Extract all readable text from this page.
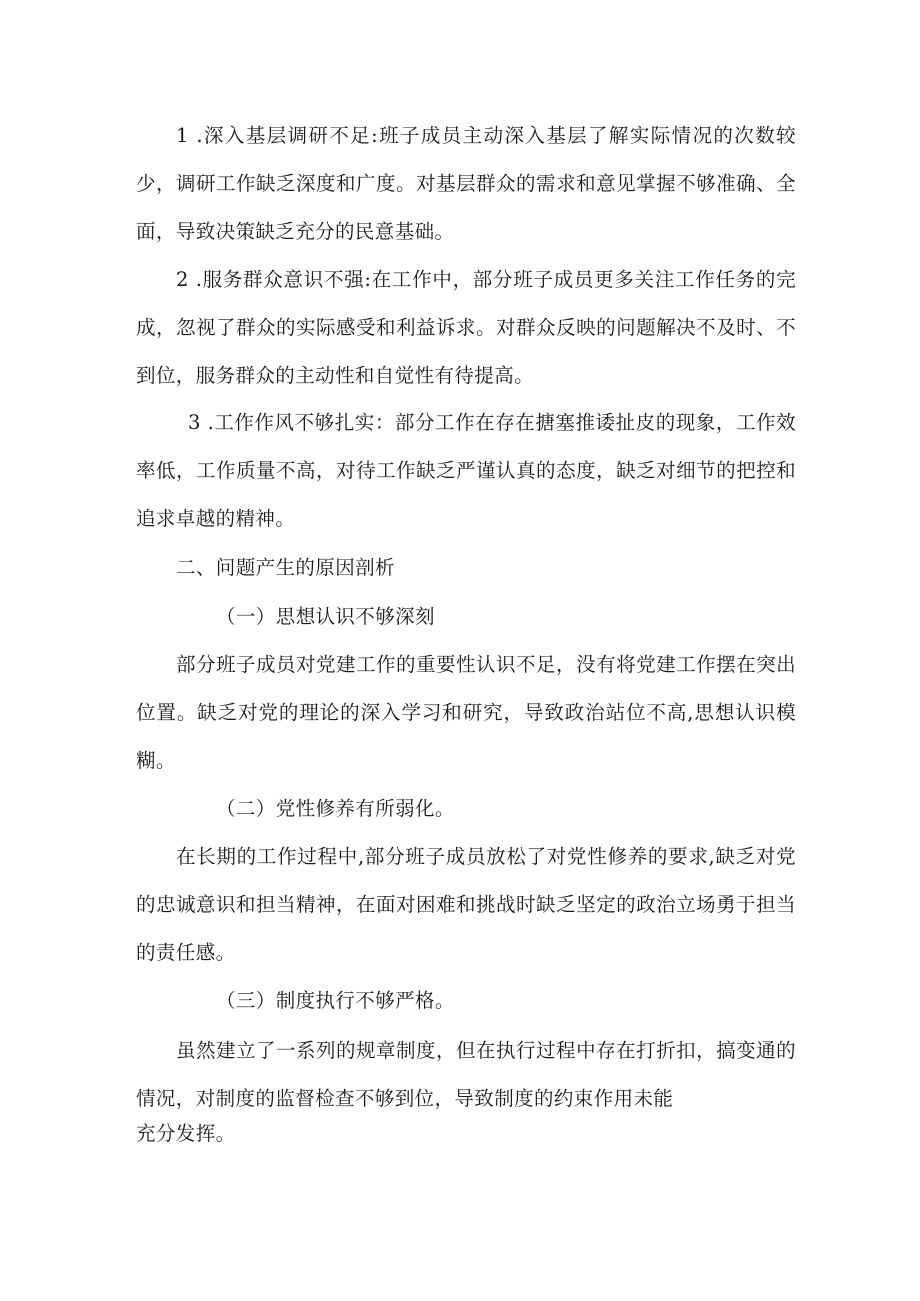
1 .深入基层调研不足:班子成员主动深入基层了解实际情况的次数较少，调研工作缺乏深度和广度。对基层群众的需求和意见掌握不够准确、全面，导致决策缺乏充分的民意基础。

2 .服务群众意识不强:在工作中，部分班子成员更多关注工作任务的完成，忽视了群众的实际感受和利益诉求。对群众反映的问题解决不及时、不到位，服务群众的主动性和自觉性有待提高。

3 .工作作风不够扎实：部分工作在存在搪塞推诿扯皮的现象，工作效率低，工作质量不高，对待工作缺乏严谨认真的态度，缺乏对细节的把控和追求卓越的精神。

二、问题产生的原因剖析

（一）思想认识不够深刻

部分班子成员对党建工作的重要性认识不足，没有将党建工作摆在突出位置。缺乏对党的理论的深入学习和研究，导致政治站位不高,思想认识模糊。

（二）党性修养有所弱化。

在长期的工作过程中,部分班子成员放松了对党性修养的要求,缺乏对党的忠诚意识和担当精神，在面对困难和挑战时缺乏坚定的政治立场勇于担当的责任感。

（三）制度执行不够严格。

虽然建立了一系列的规章制度，但在执行过程中存在打折扣，搞变通的情况，对制度的监督检查不够到位，导致制度的约束作用未能

充分发挥。
